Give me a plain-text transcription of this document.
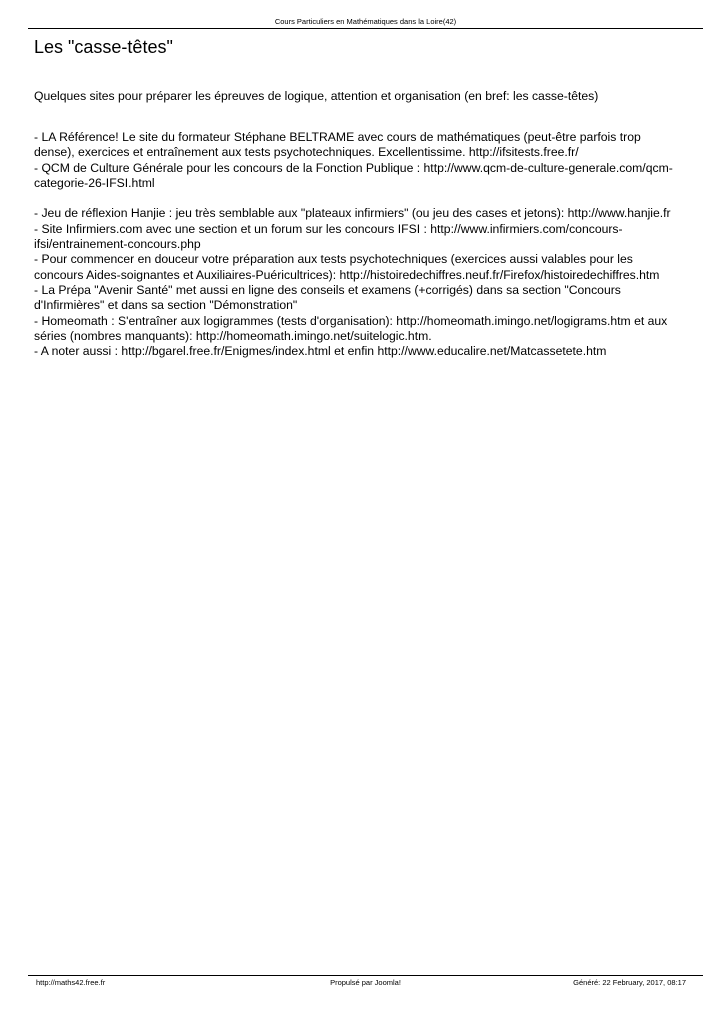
Cours Particuliers en Mathématiques dans la Loire(42)
Les "casse-têtes"
Quelques sites pour préparer les épreuves de logique, attention et organisation (en bref: les casse-têtes)
- LA Référence! Le site du formateur Stéphane BELTRAME avec cours de mathématiques (peut-être parfois trop
dense), exercices et entraînement aux tests psychotechniques. Excellentissime. http://ifsitests.free.fr/
- QCM de Culture Générale pour les concours de la Fonction Publique : http://www.qcm-de-culture-generale.com/qcm-
categorie-26-IFSI.html
- Jeu de réflexion Hanjie : jeu très semblable aux "plateaux infirmiers" (ou jeu des cases et jetons): http://www.hanjie.fr
- Site Infirmiers.com avec une section et un forum sur les concours IFSI : http://www.infirmiers.com/concours-
ifsi/entrainement-concours.php
- Pour commencer en douceur votre préparation aux tests psychotechniques (exercices aussi valables pour les
concours Aides-soignantes et Auxiliaires-Puéricultrices): http://histoiredechiffres.neuf.fr/Firefox/histoiredechiffres.htm
- La Prépa "Avenir Santé" met aussi en ligne des conseils et examens (+corrigés) dans sa section "Concours
d'Infirmières" et dans sa section "Démonstration"
- Homeomath : S'entraîner aux logigrammes (tests d'organisation): http://homeomath.imingo.net/logigrams.htm et aux
séries (nombres manquants): http://homeomath.imingo.net/suitelogic.htm.
- A noter aussi : http://bgarel.free.fr/Enigmes/index.html et enfin http://www.educalire.net/Matcassetete.htm
http://maths42.free.fr	Propulsé par Joomla!	Généré: 22 February, 2017, 08:17
